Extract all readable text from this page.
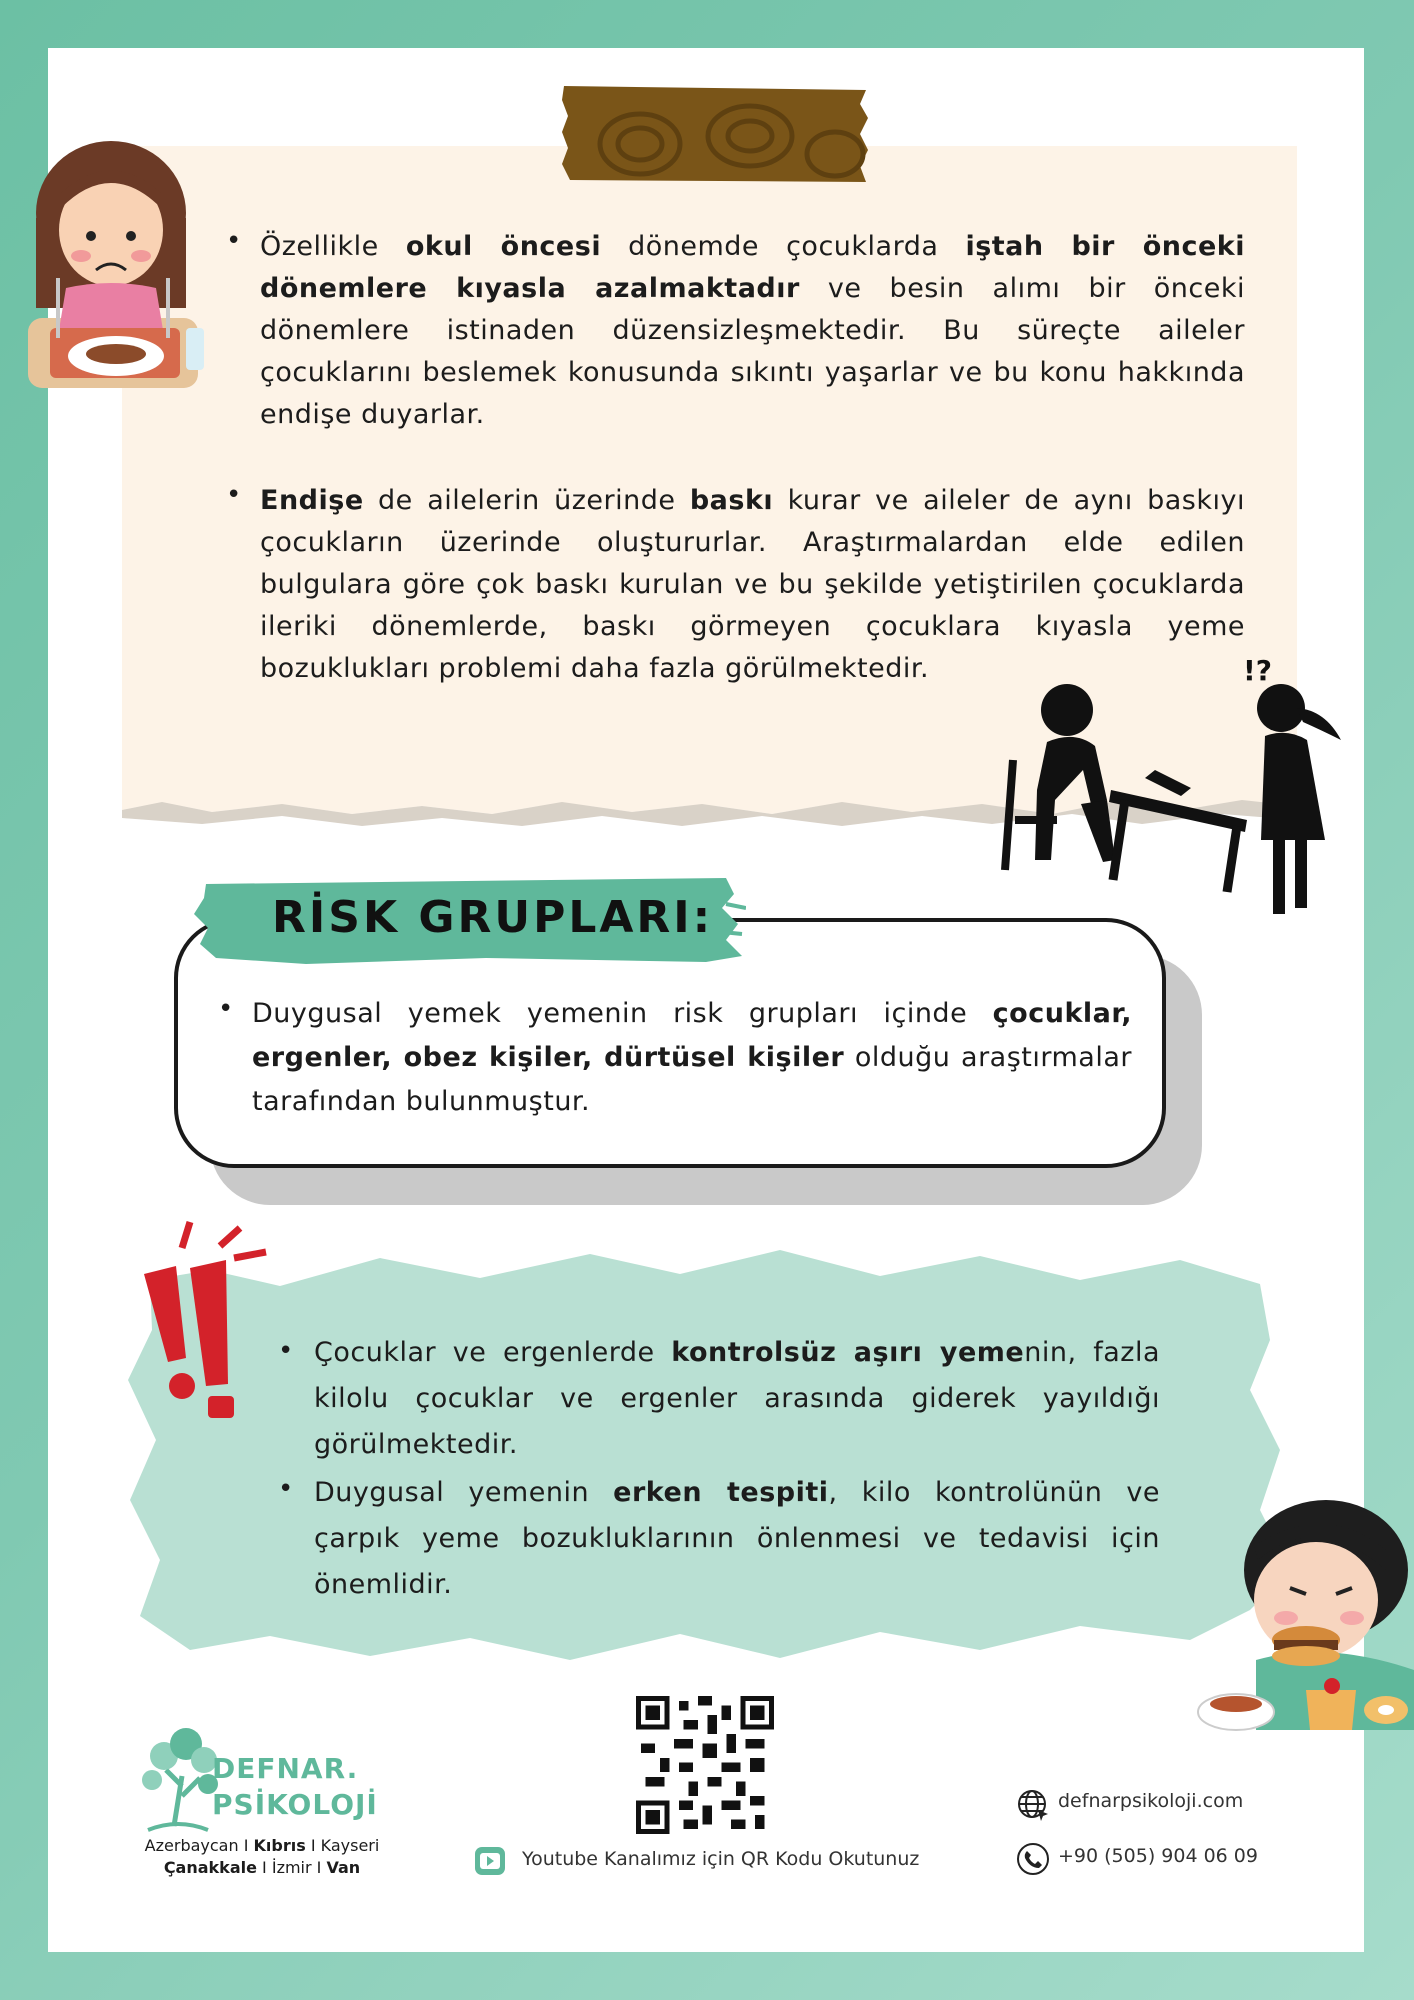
• Özellikle okul öncesi dönemde çocuklarda iştah bir önceki dönemlere kıyasla azalmaktadır ve besin alımı bir önceki dönemlere istinaden düzensizleşmektedir. Bu süreçte aileler çocuklarını beslemek konusunda sıkıntı yaşarlar ve bu konu hakkında endişe duyarlar.
• Endişe de ailelerin üzerinde baskı kurar ve aileler de aynı baskıyı çocukların üzerinde oluştururlar. Araştırmalardan elde edilen bulgulara göre çok baskı kurulan ve bu şekilde yetiştirilen çocuklarda ileriki dönemlerde, baskı görmeyen çocuklara kıyasla yeme bozuklukları problemi daha fazla görülmektedir.	!?
RİSK GRUPLARI:
• Duygusal yemek yemenin risk grupları içinde çocuklar, ergenler, obez kişiler, dürtüsel kişiler olduğu araştırmalar tarafından bulunmuştur.
• Çocuklar ve ergenlerde kontrolsüz aşırı yemenin, fazla kilolu çocuklar ve ergenler arasında giderek yayıldığı görülmektedir.
• Duygusal yemenin erken tespiti, kilo kontrolünün ve çarpık yeme bozukluklarının önlenmesi ve tedavisi için önemlidir.
DEFNAR.
PSİKOLOJİ
Azerbaycan I Kıbrıs I Kayseri
Çanakkale I İzmir I Van	Youtube Kanalımız için QR Kodu Okutunuz
defnarpsikoloji.com
+90 (505) 904 06 09
